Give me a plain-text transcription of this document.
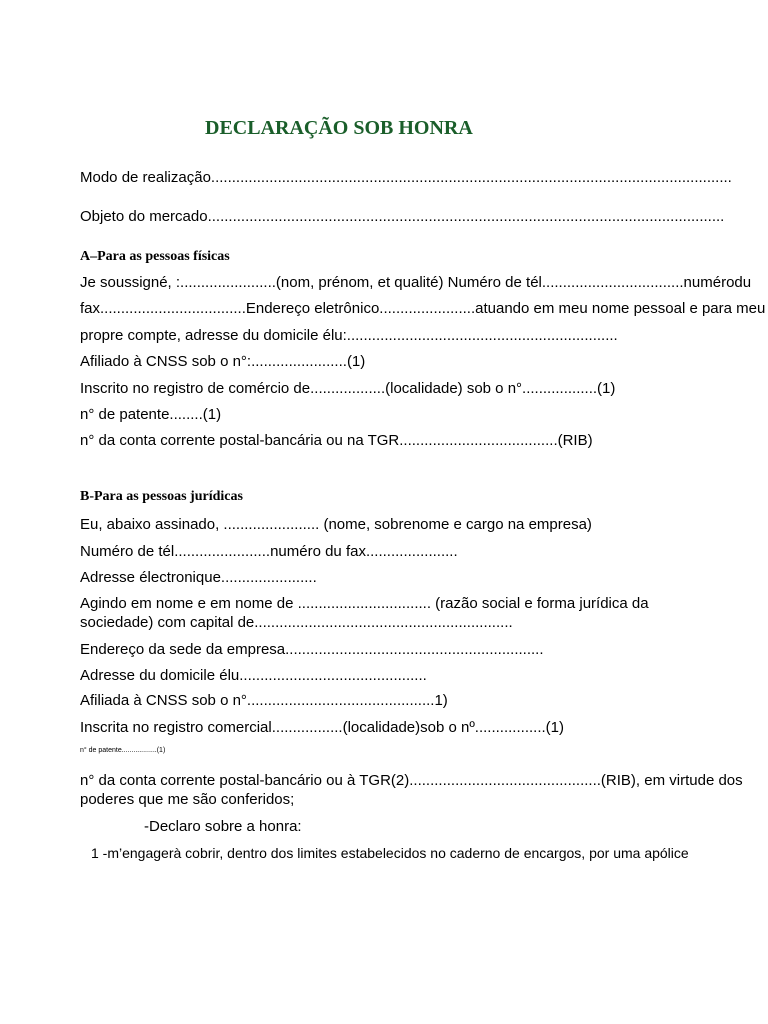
DECLARAÇÃO SOB HONRA
Modo de realização.............................................................................................................................
Objeto do mercado............................................................................................................................
A–Para as pessoas físicas
Je soussigné, :.......................(nom, prénom, et qualité) Numéro de tél..................................numérodu
fax...................................Endereço eletrônico.......................atuando em meu nome pessoal e para meu
propre compte, adresse du domicile élu:.................................................................
Afiliado à CNSS sob o n°:.......................(1)
Inscrito no registro de comércio de..................(localidade) sob o n°..................(1)
n° de patente........(1)
n° da conta corrente postal-bancária ou na TGR......................................(RIB)
B-Para as pessoas jurídicas
Eu, abaixo assinado, ....................... (nome, sobrenome e cargo na empresa)
Numéro de tél.......................numéro du fax......................
Adresse électronique.......................
Agindo em nome e em nome de ................................ (razão social e forma jurídica da
sociedade) com capital de..............................................................
Endereço da sede da empresa..............................................................
Adresse du domicile élu.............................................
Afiliada à CNSS sob o n°.............................................1)
Inscrita no registro comercial.................(localidade)sob o nº.................(1)
n° de patente..................(1)
n° da conta corrente postal-bancário ou à TGR(2)..............................................(RIB), em virtude dos
poderes que me são conferidos;
-Declaro sobre a honra:
1 -m’engagerà cobrir, dentro dos limites estabelecidos no caderno de encargos, por uma apólice
